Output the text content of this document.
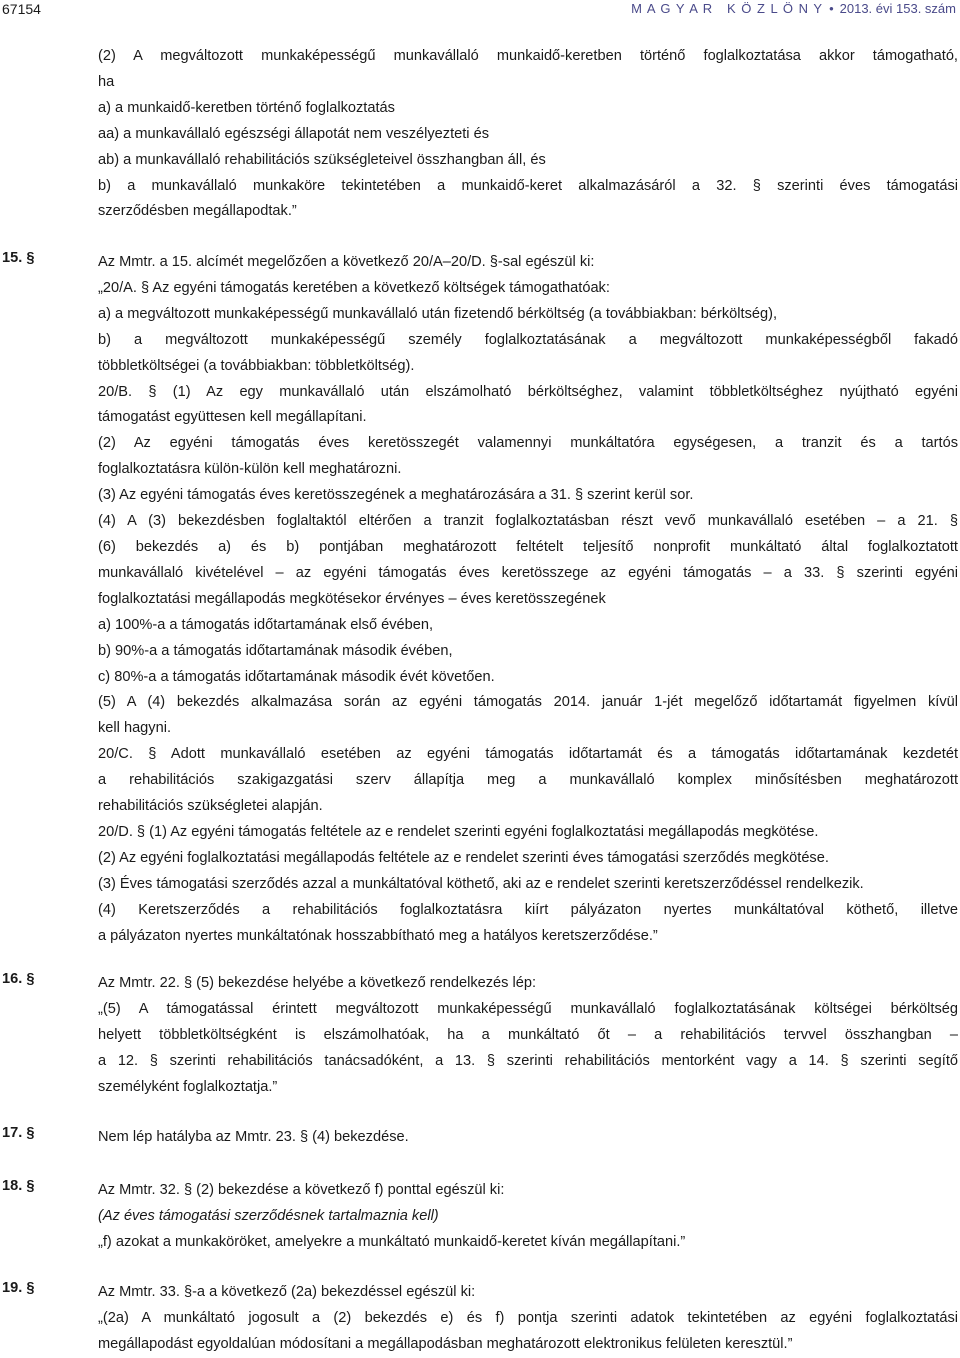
67154	M A G Y A R   K Ö Z L Ö N Y • 2013. évi 153. szám
(2) A megváltozott munkaképességű munkavállaló munkaidő-keretben történő foglalkoztatása akkor támogatható,
ha
a) a munkaidő-keretben történő foglalkoztatás
aa) a munkavállaló egészségi állapotát nem veszélyezteti és
ab) a munkavállaló rehabilitációs szükségleteivel összhangban áll, és
b) a munkavállaló munkaköre tekintetében a munkaidő-keret alkalmazásáról a 32. § szerinti éves támogatási
szerződésben megállapodtak.”
15. §	Az Mmtr. a 15. alcímét megelőzően a következő 20/A–20/D. §-sal egészül ki:
„20/A. § Az egyéni támogatás keretében a következő költségek támogathatóak:
a) a megváltozott munkaképességű munkavállaló után fizetendő bérköltség (a továbbiakban: bérköltség),
b) a megváltozott munkaképességű személy foglalkoztatásának a megváltozott munkaképességből fakadó
többletköltségei (a továbbiakban: többletköltség).
20/B. § (1) Az egy munkavállaló után elszámolható bérköltséghez, valamint többletköltséghez nyújtható egyéni
támogatást együttesen kell megállapítani.
(2) Az egyéni támogatás éves keretösszegét valamennyi munkáltatóra egységesen, a tranzit és a tartós
foglalkoztatásra külön-külön kell meghatározni.
(3) Az egyéni támogatás éves keretösszegének a meghatározására a 31. § szerint kerül sor.
(4) A (3) bekezdésben foglaltaktól eltérően a tranzit foglalkoztatásban részt vevő munkavállaló esetében – a 21. §
(6) bekezdés a) és b) pontjában meghatározott feltételt teljesítő nonprofit munkáltató által foglalkoztatott
munkavállaló kivételével – az egyéni támogatás éves keretösszege az egyéni támogatás – a 33. § szerinti egyéni
foglalkoztatási megállapodás megkötésekor érvényes – éves keretösszegének
a) 100%-a a támogatás időtartamának első évében,
b) 90%-a a támogatás időtartamának második évében,
c) 80%-a a támogatás időtartamának második évét követően.
(5) A (4) bekezdés alkalmazása során az egyéni támogatás 2014. január 1-jét megelőző időtartamát figyelmen kívül
kell hagyni.
20/C. § Adott munkavállaló esetében az egyéni támogatás időtartamát és a támogatás időtartamának kezdetét
a rehabilitációs szakigazgatási szerv állapítja meg a munkavállaló komplex minősítésben meghatározott
rehabilitációs szükségletei alapján.
20/D. § (1) Az egyéni támogatás feltétele az e rendelet szerinti egyéni foglalkoztatási megállapodás megkötése.
(2) Az egyéni foglalkoztatási megállapodás feltétele az e rendelet szerinti éves támogatási szerződés megkötése.
(3) Éves támogatási szerződés azzal a munkáltatóval köthető, aki az e rendelet szerinti keretszerződéssel rendelkezik.
(4) Keretszerződés a rehabilitációs foglalkoztatásra kiírt pályázaton nyertes munkáltatóval köthető, illetve
a pályázaton nyertes munkáltatónak hosszabbítható meg a hatályos keretszerződése.”
16. §	Az Mmtr. 22. § (5) bekezdése helyébe a következő rendelkezés lép:
„(5) A támogatással érintett megváltozott munkaképességű munkavállaló foglalkoztatásának költségei bérköltség
helyett többletköltségként is elszámolhatóak, ha a munkáltató őt – a rehabilitációs tervvel összhangban –
a 12. § szerinti rehabilitációs tanácsadóként, a 13. § szerinti rehabilitációs mentorként vagy a 14. § szerinti segítő
személyként foglalkoztatja.”
17. §	Nem lép hatályba az Mmtr. 23. § (4) bekezdése.
18. §	Az Mmtr. 32. § (2) bekezdése a következő f) ponttal egészül ki:
(Az éves támogatási szerződésnek tartalmaznia kell)
„f) azokat a munkaköröket, amelyekre a munkáltató munkaidő-keretet kíván megállapítani.”
19. §	Az Mmtr. 33. §-a a következő (2a) bekezdéssel egészül ki:
„(2a) A munkáltató jogosult a (2) bekezdés e) és f) pontja szerinti adatok tekintetében az egyéni foglalkoztatási
megállapodást egyoldalúan módosítani a megállapodásban meghatározott elektronikus felületen keresztül.”
